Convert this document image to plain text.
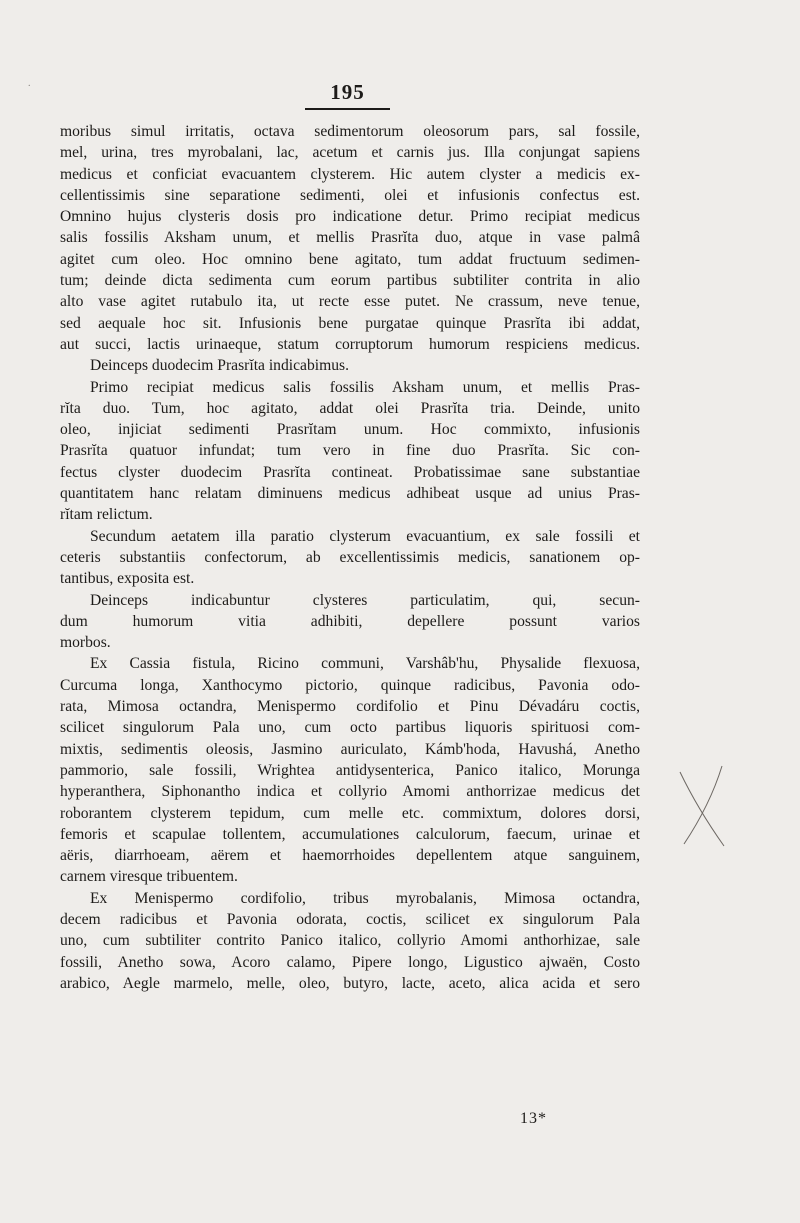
.	195
moribus simul irritatis, octava sedimentorum oleosorum pars, sal fossile,
mel, urina, tres myrobalani, lac, acetum et carnis jus. Illa conjungat sapiens
medicus et conficiat evacuantem clysterem. Hic autem clyster a medicis ex-
cellentissimis sine separatione sedimenti, olei et infusionis confectus est.
Omnino hujus clysteris dosis pro indicatione detur. Primo recipiat medicus
salis fossilis Aksham unum, et mellis Prasrĭta duo, atque in vase palmâ
agitet cum oleo. Hoc omnino bene agitato, tum addat fructuum sedimen-
tum; deinde dicta sedimenta cum eorum partibus subtiliter contrita in alio
alto vase agitet rutabulo ita, ut recte esse putet. Ne crassum, neve tenue,
sed aequale hoc sit. Infusionis bene purgatae quinque Prasrĭta ibi addat,
aut succi, lactis urinaeque, statum corruptorum humorum respiciens medicus.
Deinceps duodecim Prasrĭta indicabimus.
Primo recipiat medicus salis fossilis Aksham unum, et mellis Pras-
rĭta duo. Tum, hoc agitato, addat olei Prasrĭta tria. Deinde, unito
oleo, injiciat sedimenti Prasrĭtam unum. Hoc commixto, infusionis
Prasrĭta quatuor infundat; tum vero in fine duo Prasrĭta. Sic con-
fectus clyster duodecim Prasrĭta contineat. Probatissimae sane substantiae
quantitatem hanc relatam diminuens medicus adhibeat usque ad unius Pras-
rĭtam relictum.
Secundum aetatem illa paratio clysterum evacuantium, ex sale fossili et
ceteris substantiis confectorum, ab excellentissimis medicis, sanationem op-
tantibus, exposita est.
Deinceps indicabuntur clysteres particulatim, qui, secun-
dum humorum vitia adhibiti, depellere possunt varios
morbos.
Ex Cassia fistula, Ricino communi, Varshâb'hu, Physalide flexuosa,
Curcuma longa, Xanthocymo pictorio, quinque radicibus, Pavonia odo-
rata, Mimosa octandra, Menispermo cordifolio et Pinu Dévadáru coctis,
scilicet singulorum Pala uno, cum octo partibus liquoris spirituosi com-
mixtis, sedimentis oleosis, Jasmino auriculato, Kámb'hoda, Havushá, Anetho
pammorio, sale fossili, Wrightea antidysenterica, Panico italico, Morunga
hyperanthera, Siphonantho indica et collyrio Amomi anthorrizae medicus det
roborantem clysterem tepidum, cum melle etc. commixtum, dolores dorsi,
femoris et scapulae tollentem, accumulationes calculorum, faecum, urinae et
aëris, diarrhoeam, aërem et haemorrhoides depellentem atque sanguinem,
carnem viresque tribuentem.
Ex Menispermo cordifolio, tribus myrobalanis, Mimosa octandra,
decem radicibus et Pavonia odorata, coctis, scilicet ex singulorum Pala
uno, cum subtiliter contrito Panico italico, collyrio Amomi anthorhizae, sale
fossili, Anetho sowa, Acoro calamo, Pipere longo, Ligustico ajwaën, Costo
arabico, Aegle marmelo, melle, oleo, butyro, lacte, aceto, alica acida et sero
13*
